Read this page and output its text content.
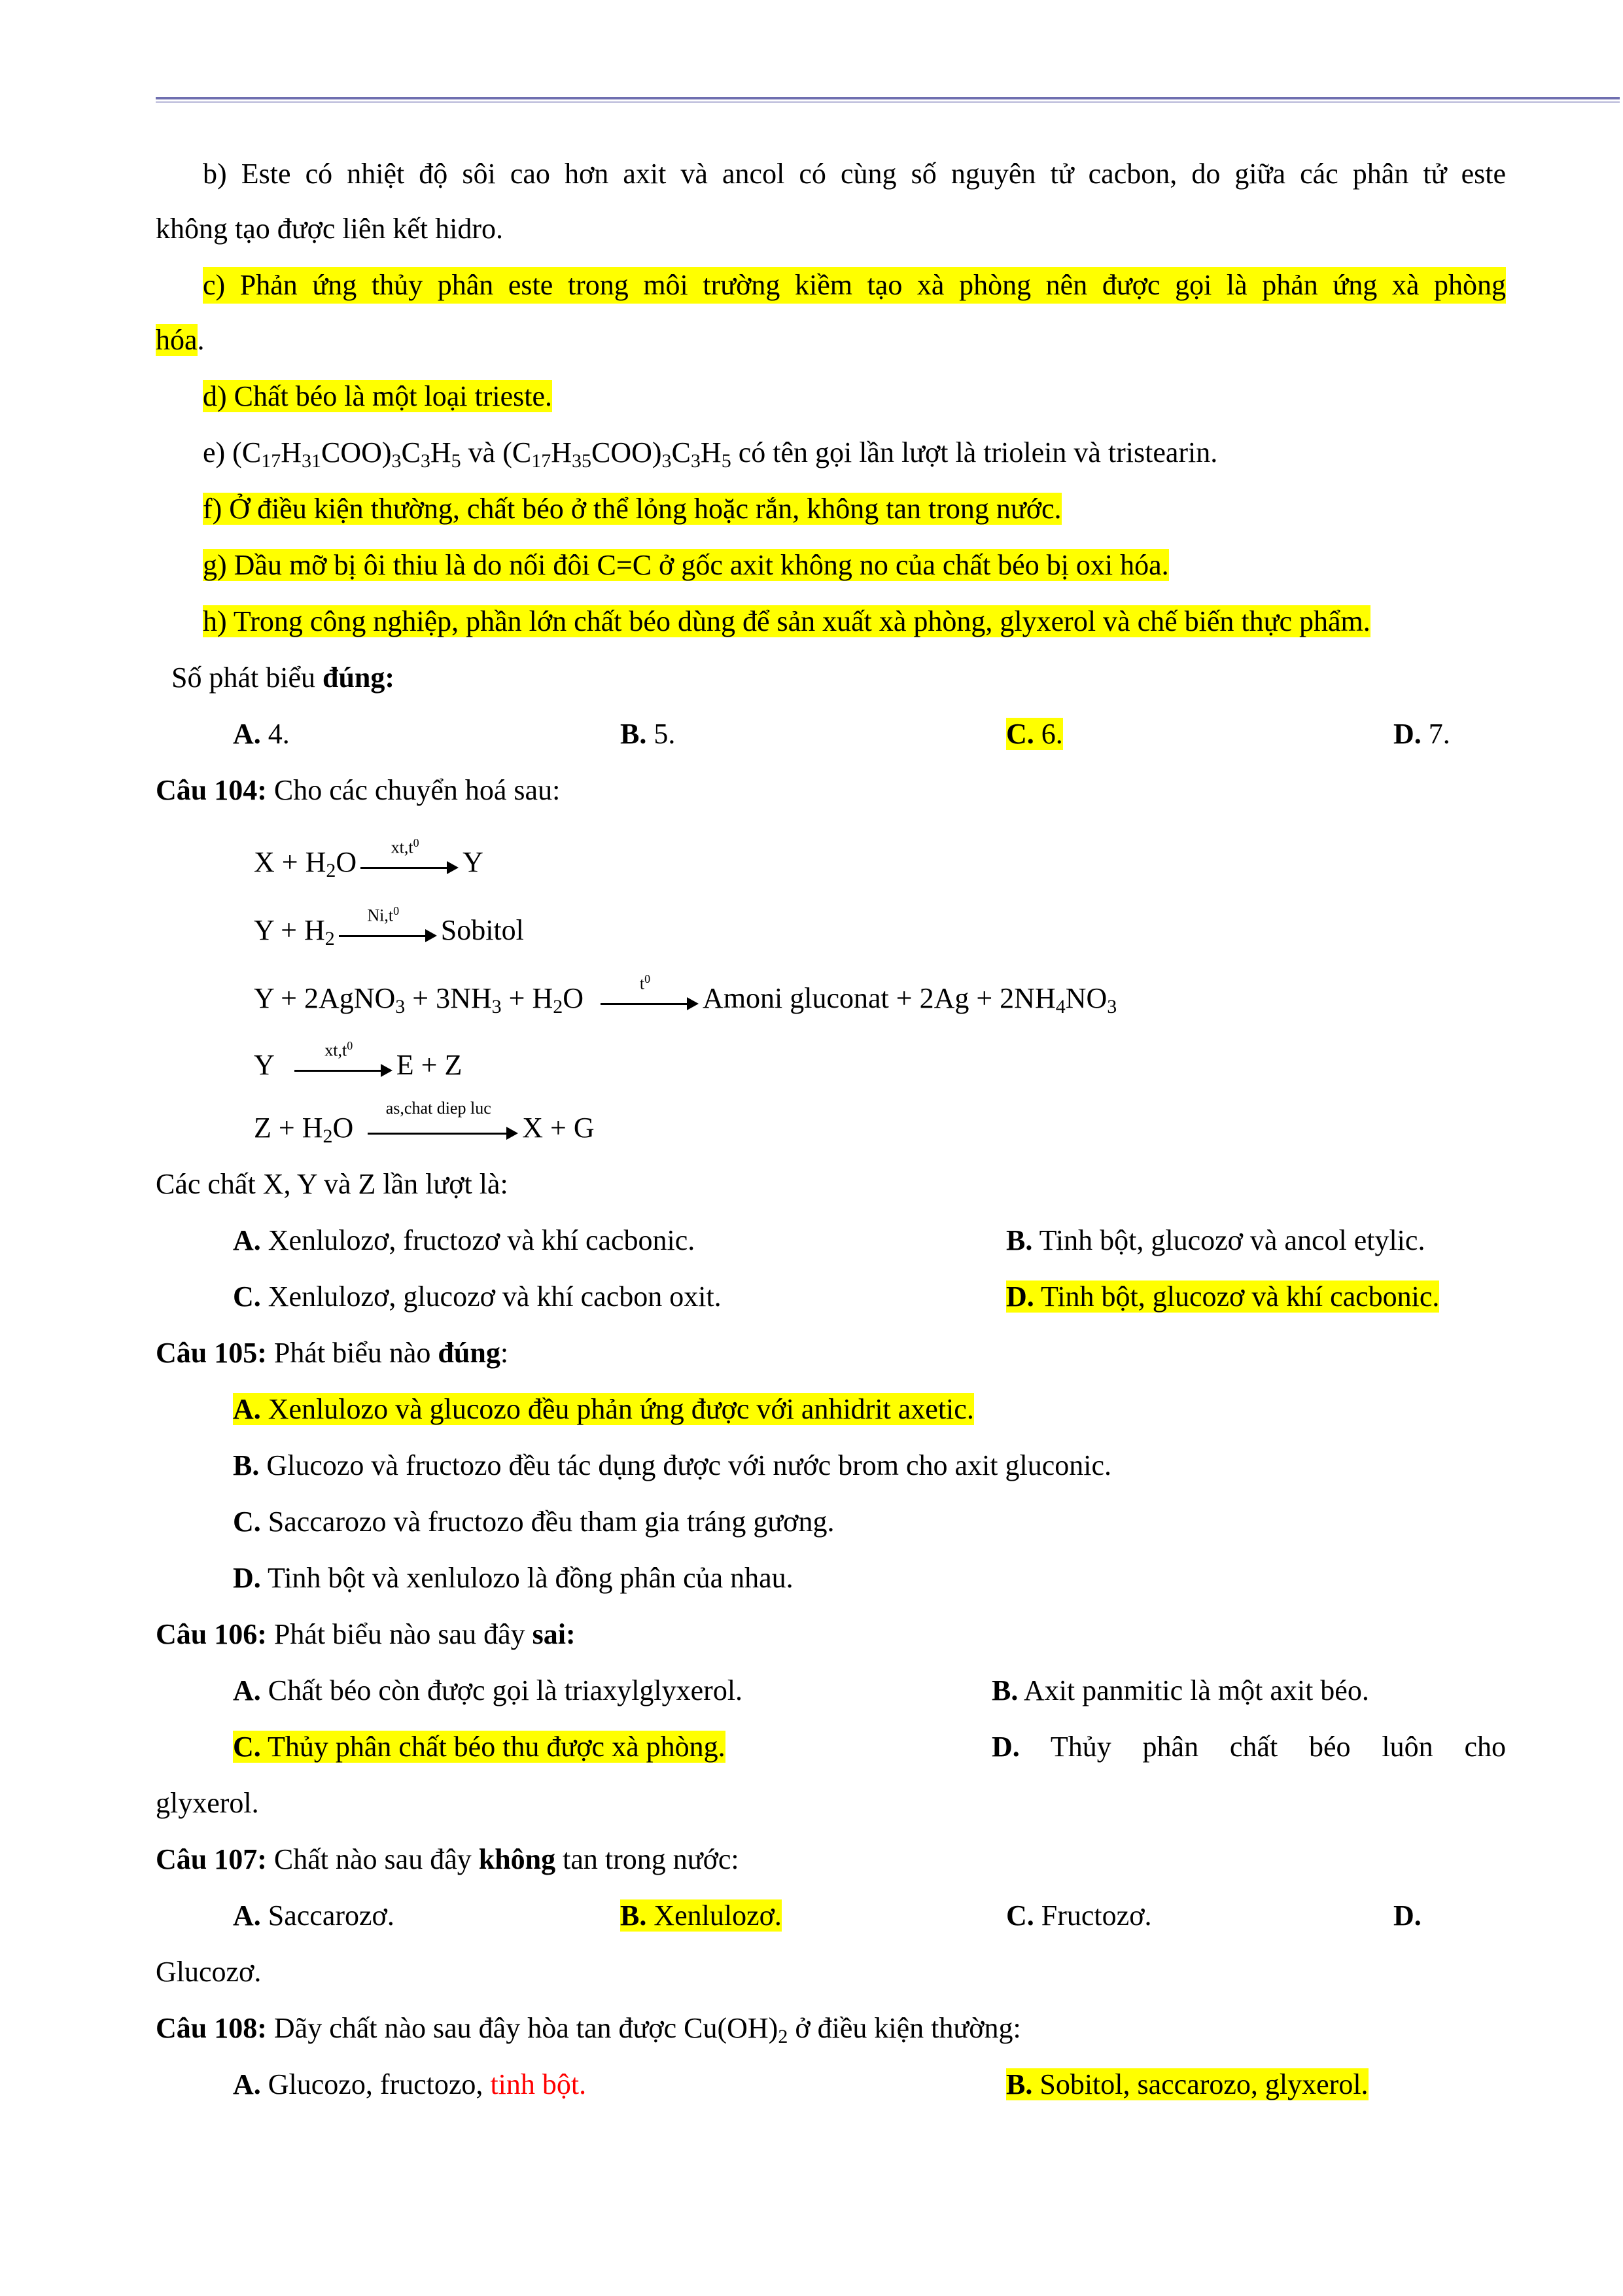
b) Este có nhiệt độ sôi cao hơn axit và ancol có cùng số nguyên tử cacbon, do giữa các phân tử este
không tạo được liên kết hidro.
c) Phản ứng thủy phân este trong môi trường kiềm tạo xà phòng nên được gọi là phản ứng xà phòng
hóa.
d) Chất béo là một loại trieste.
e) $(C_{17}H_{31}COO)_3C_3H_5$ và $(C_{17}H_{35}COO)_3C_3H_5$ có tên gọi lần lượt là triolein và tristearin.
f) Ở điều kiện thường, chất béo ở thể lỏng hoặc rắn, không tan trong nước.
g) Dầu mỡ bị ôi thiu là do nối đôi C=C ở gốc axit không no của chất béo bị oxi hóa.
h) Trong công nghiệp, phần lớn chất béo dùng để sản xuất xà phòng, glyxerol và chế biến thực phẩm.
Số phát biểu đúng:
A. 4.	B. 5.	C. 6.	D. 7.
Câu 104: Cho các chuyển hoá sau:
$X + H_2O$	$xt,t^0$
Y
$Y + H_2$
$Ni,t^0$
Sobitol
Y + 2AgNO$_3$ + $3NH_3 + H_2O$	$t^0$
Amoni gluconat + $2Ag + 2NH_4NO_3$
Y	$xt,t^0$
E + Z
$Z + H_2O$
as,chat diep luc
X + G
Các chất X, Y và Z lần lượt là:
A. Xenlulozơ, fructozơ và khí cacbonic.	B. Tinh bột, glucozơ và ancol etylic.
C. Xenlulozơ, glucozơ và khí cacbon oxit.	D. Tinh bột, glucozơ và khí cacbonic.
Câu 105: Phát biểu nào đúng:
A. Xenlulozo và glucozo đều phản ứng được với anhidrit axetic.
B. Glucozo và fructozo đều tác dụng được với nước brom cho axit gluconic.
C. Saccarozo và fructozo đều tham gia tráng gương.
D. Tinh bột và xenlulozo là đồng phân của nhau.
Câu 106: Phát biểu nào sau đây sai:
A. Chất béo còn được gọi là triaxylglyxerol.	B. Axit panmitic là một axit béo.
C. Thủy phân chất béo thu được xà phòng.	D. Thủy phân chất béo luôn cho
glyxerol.
Câu 107: Chất nào sau đây không tan trong nước:
A. Saccarozơ.	B. Xenlulozơ.	C. Fructozơ.	D.
Glucozơ.
Câu 108: Dãy chất nào sau đây hòa tan được $Cu(OH)_2$ ở điều kiện thường:
A. Glucozo, fructozo, tinh bột.	B. Sobitol, saccarozo, glyxerol.
